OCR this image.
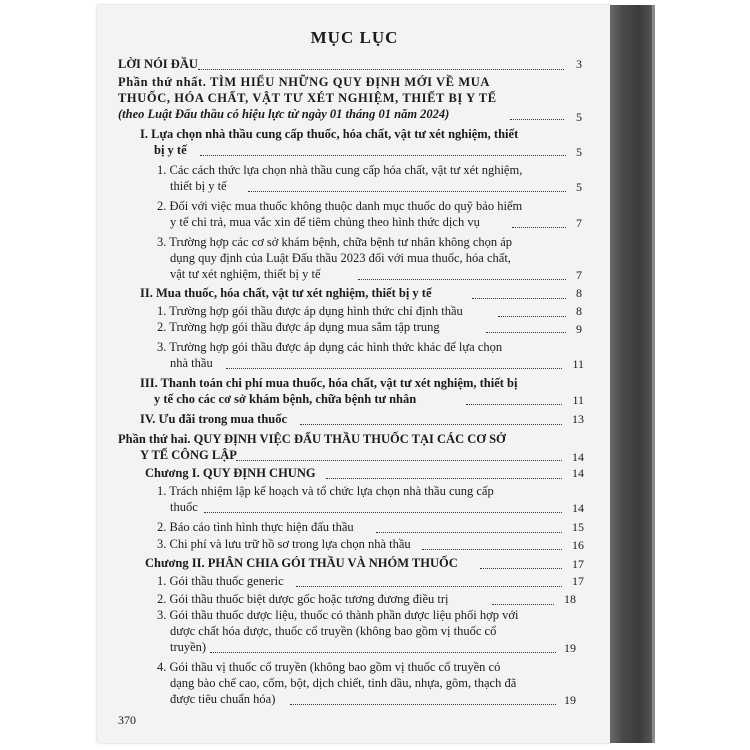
MỤC LỤC
LỜI NÓI ĐẦU	3
Phần thứ nhất. TÌM HIỂU NHỮNG QUY ĐỊNH MỚI VỀ MUA
THUỐC, HÓA CHẤT, VẬT TƯ XÉT NGHIỆM, THIẾT BỊ Y TẾ
(theo Luật Đấu thầu có hiệu lực từ ngày 01 tháng 01 năm 2024)	5
I. Lựa chọn nhà thầu cung cấp thuốc, hóa chất, vật tư xét nghiệm, thiết
bị y tế	5
1. Các cách thức lựa chọn nhà thầu cung cấp hóa chất, vật tư xét nghiệm,
thiết bị y tế	5
2. Đối với việc mua thuốc không thuộc danh mục thuốc do quỹ bảo hiểm
y tế chi trả, mua vắc xin để tiêm chủng theo hình thức dịch vụ	7
3. Trường hợp các cơ sở khám bệnh, chữa bệnh tư nhân không chọn áp
dụng quy định của Luật Đấu thầu 2023 đối với mua thuốc, hóa chất,
vật tư xét nghiệm, thiết bị y tế	7
II. Mua thuốc, hóa chất, vật tư xét nghiệm, thiết bị y tế	8
1. Trường hợp gói thầu được áp dụng hình thức chỉ định thầu	8
2. Trường hợp gói thầu được áp dụng mua sắm tập trung	9
3. Trường hợp gói thầu được áp dụng các hình thức khác để lựa chọn
nhà thầu	11
III. Thanh toán chi phí mua thuốc, hóa chất, vật tư xét nghiệm, thiết bị
y tế cho các cơ sở khám bệnh, chữa bệnh tư nhân	11
IV. Ưu đãi trong mua thuốc	13
Phần thứ hai. QUY ĐỊNH VIỆC ĐẤU THẦU THUỐC TẠI CÁC CƠ SỞ
Y TẾ CÔNG LẬP	14
Chương I. QUY ĐỊNH CHUNG	14
1. Trách nhiệm lập kế hoạch và tổ chức lựa chọn nhà thầu cung cấp
thuốc	14
2. Báo cáo tình hình thực hiện đấu thầu	15
3. Chi phí và lưu trữ hồ sơ trong lựa chọn nhà thầu	16
Chương II. PHÂN CHIA GÓI THẦU VÀ NHÓM THUỐC	17
1. Gói thầu thuốc generic	17
2. Gói thầu thuốc biệt dược gốc hoặc tương đương điều trị	18
3. Gói thầu thuốc dược liệu, thuốc có thành phần dược liệu phối hợp với
dược chất hóa dược, thuốc cổ truyền (không bao gồm vị thuốc cổ
truyền)	19
4. Gói thầu vị thuốc cổ truyền (không bao gồm vị thuốc cổ truyền có
dạng bào chế cao, cốm, bột, dịch chiết, tinh dầu, nhựa, gôm, thạch đã
được tiêu chuẩn hóa)	19
370
